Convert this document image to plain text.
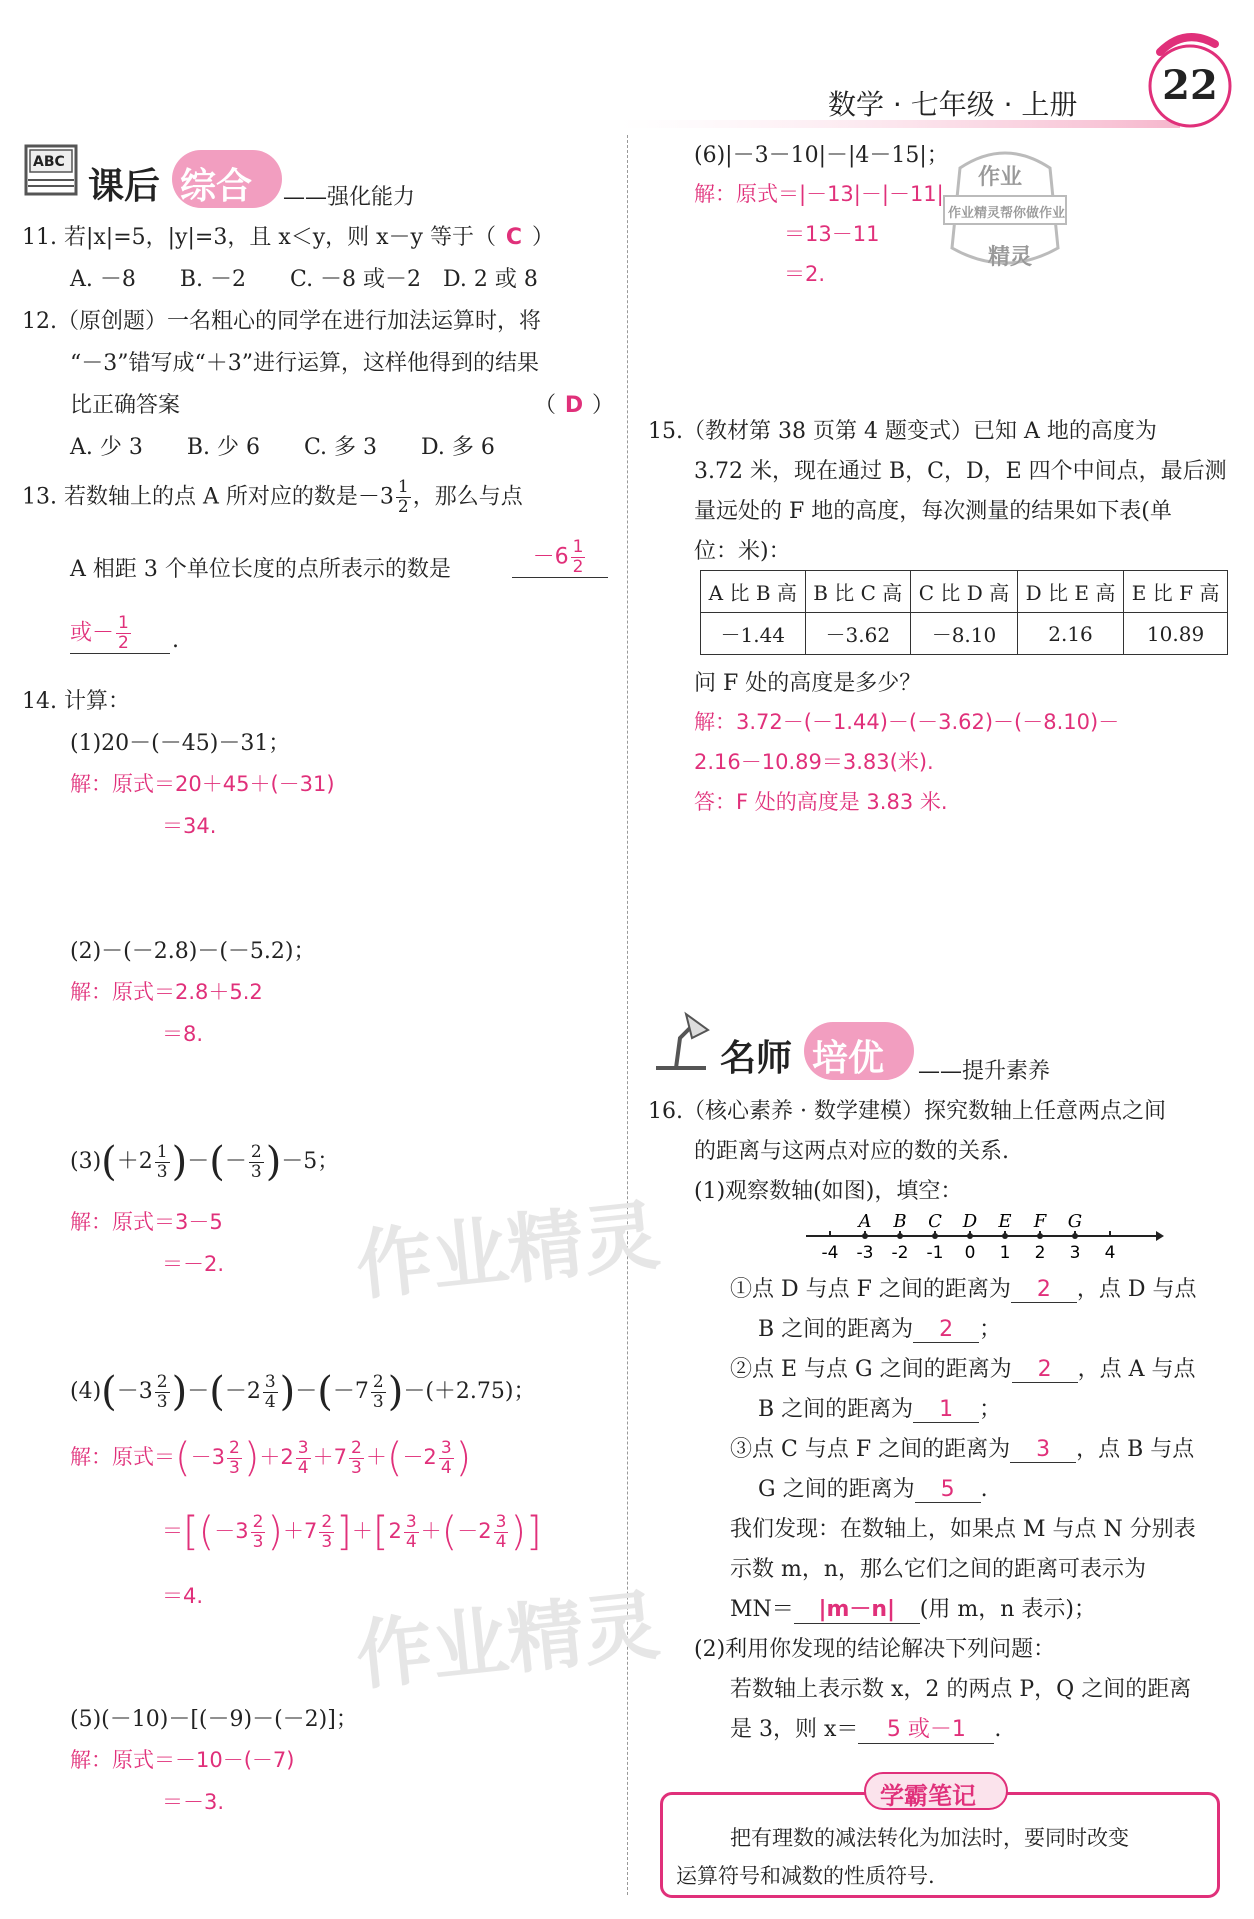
数学 · 七年级 · 上册 22
ABC
课后 综合 ——强化能力
11. 若|x|=5，|y|=3，且 x＜y，则 x－y 等于（ C ）
A. －8　　B. －2　　C. －8 或－2　D. 2 或 8
12.（原创题）一名粗心的同学在进行加法运算时，将
“－3”错写成“＋3”进行运算，这样他得到的结果
比正确答案	（ D ）
A. 少 3　　B. 少 6　　C. 多 3　　D. 多 6
13. 若数轴上的点 A 所对应的数是$-3 \frac{1}{2}$ ，那么与点
A 相距 3 个单位长度的点所表示的数是	$-6 \frac{1}{2}$
或－ $\frac{1}{2}$ .
14. 计算：
(1)20－(－45)－31；
解：原式＝20＋45＋(－31)
＝34.
(2)－(－2.8)－(－5.2)；
解：原式＝2.8＋5.2
＝8.
$(3)(+2 \frac{1}{3}$ )－(－ $\frac{2}{3} )-5$；
解：原式＝3－5
＝－2.
$(4)(-3 \frac{2}{3} )-(-2 \frac{3}{4} )-(-7 \frac{2}{3} )-(+2.75)$；
解：原式$=(-3 \frac{2}{3} )+2 \frac{3}{4} +7 \frac{2}{3} +(-2 \frac{3}{4}$ )
$=[(-3 \frac{2}{3} )+7 \frac{2}{3} ]+[2 \frac{3}{4} +(-2 \frac{3}{4}$ )]
＝4.
(5)(－10)－[(－9)－(－2)]；
解：原式＝－10－(－7)
＝－3.
(6)|－3－10|－|4－15|；
解：原式＝|－13|－|－11|
＝13－11
＝2.
作业
作业精灵帮你做作业
精灵
作业精灵
作业精灵
15.（教材第 38 页第 4 题变式）已知 A 地的高度为
3.72 米，现在通过 B，C，D，E 四个中间点，最后测
量远处的 F 地的高度，每次测量的结果如下表(单
位：米)：
A 比 B 高	B 比 C 高	C 比 D 高	D 比 E 高	E 比 F 高
－1.44	－3.62	－8.10	2.16	10.89
问 F 处的高度是多少？
解：3.72－(－1.44)－(－3.62)－(－8.10)－
2.16－10.89＝3.83(米).
答：F 处的高度是 3.83 米.
名师 培优 ——提升素养
16.（核心素养 · 数学建模）探究数轴上任意两点之间
的距离与这两点对应的数的关系.
(1)观察数轴(如图)，填空：
-4 -3 -2 -1 0 1 2 3 4
A B C D E F G
①点 D 与点 F 之间的距离为 2 ，点 D 与点
B 之间的距离为 2 ；
②点 E 与点 G 之间的距离为 2 ，点 A 与点
B 之间的距离为 1 ；
③点 C 与点 F 之间的距离为 3 ，点 B 与点
G 之间的距离为 5 .
我们发现：在数轴上，如果点 M 与点 N 分别表
示数 m，n，那么它们之间的距离可表示为
MN＝ |m－n| (用 m，n 表示)；
(2)利用你发现的结论解决下列问题：
若数轴上表示数 x，2 的两点 P，Q 之间的距离
是 3，则 x＝ 5 或－1 .
学霸笔记
把有理数的减法转化为加法时，要同时改变
运算符号和减数的性质符号.
